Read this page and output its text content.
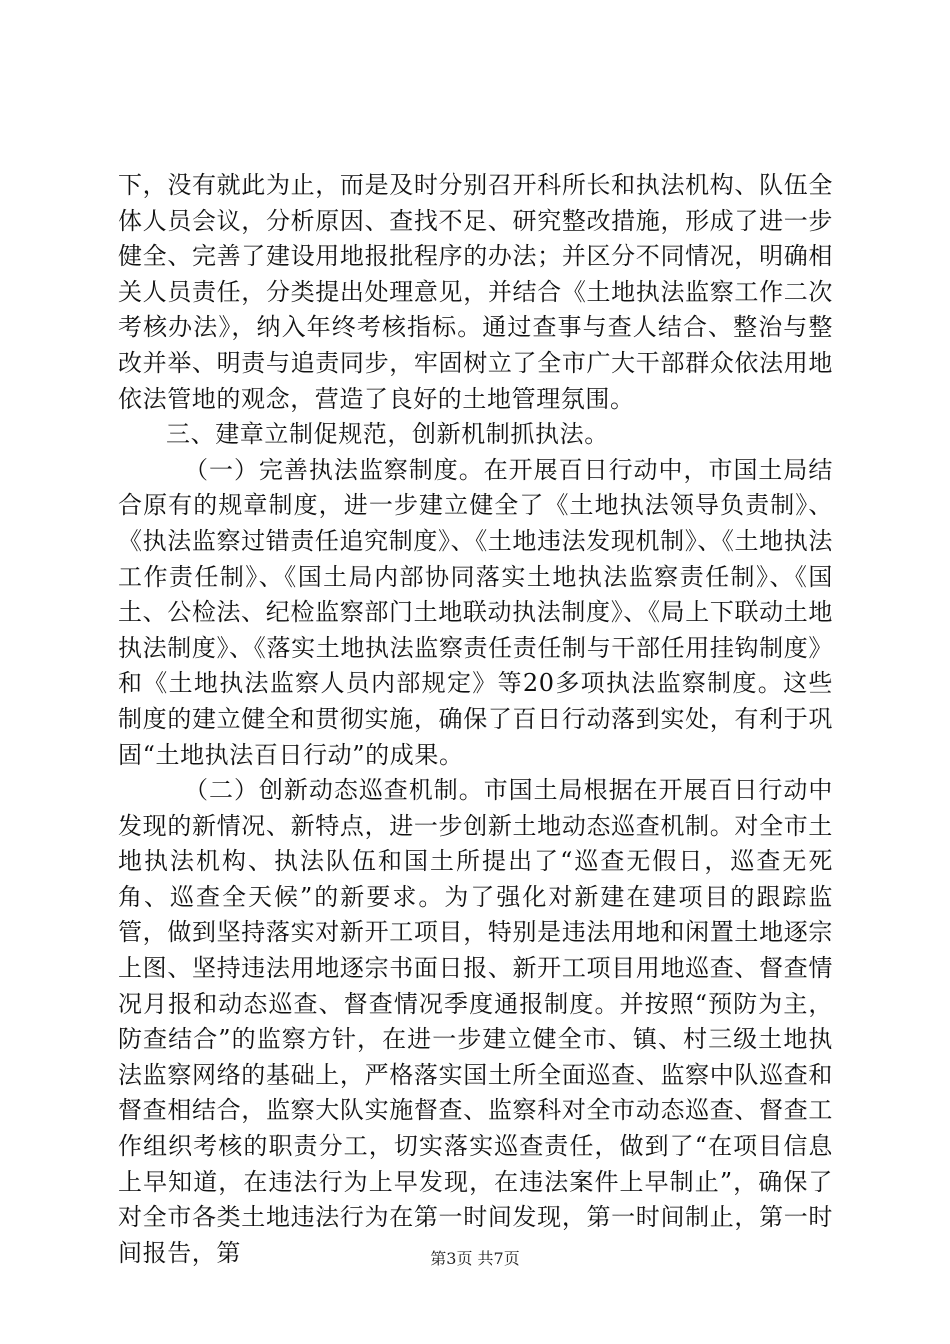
下，没有就此为止，而是及时分别召开科所长和执法机构、队伍全体人员会议，分析原因、查找不足、研究整改措施，形成了进一步健全、完善了建设用地报批程序的办法；并区分不同情况，明确相关人员责任，分类提出处理意见，并结合《土地执法监察工作二次考核办法》，纳入年终考核指标。通过查事与查人结合、整治与整改并举、明责与追责同步，牢固树立了全市广大干部群众依法用地依法管地的观念，营造了良好的土地管理氛围。

三、建章立制促规范，创新机制抓执法。

（一）完善执法监察制度。在开展百日行动中，市国土局结合原有的规章制度，进一步建立健全了《土地执法领导负责制》、《执法监察过错责任追究制度》、《土地违法发现机制》、《土地执法工作责任制》、《国土局内部协同落实土地执法监察责任制》、《国土、公检法、纪检监察部门土地联动执法制度》、《局上下联动土地执法制度》、《落实土地执法监察责任责任制与干部任用挂钩制度》和《土地执法监察人员内部规定》等20多项执法监察制度。这些制度的建立健全和贯彻实施，确保了百日行动落到实处，有利于巩固“土地执法百日行动”的成果。

（二）创新动态巡查机制。市国土局根据在开展百日行动中发现的新情况、新特点，进一步创新土地动态巡查机制。对全市土地执法机构、执法队伍和国土所提出了“巡查无假日，巡查无死角、巡查全天候”的新要求。为了强化对新建在建项目的跟踪监管，做到坚持落实对新开工项目，特别是违法用地和闲置土地逐宗上图、坚持违法用地逐宗书面日报、新开工项目用地巡查、督查情况月报和动态巡查、督查情况季度通报制度。并按照“预防为主，防查结合”的监察方针，在进一步建立健全市、镇、村三级土地执法监察网络的基础上，严格落实国土所全面巡查、监察中队巡查和督查相结合，监察大队实施督查、监察科对全市动态巡查、督查工作组织考核的职责分工，切实落实巡查责任，做到了“在项目信息上早知道，在违法行为上早发现，在违法案件上早制止”，确保了对全市各类土地违法行为在第一时间发现，第一时间制止，第一时间报告，第	第3页 共7页
